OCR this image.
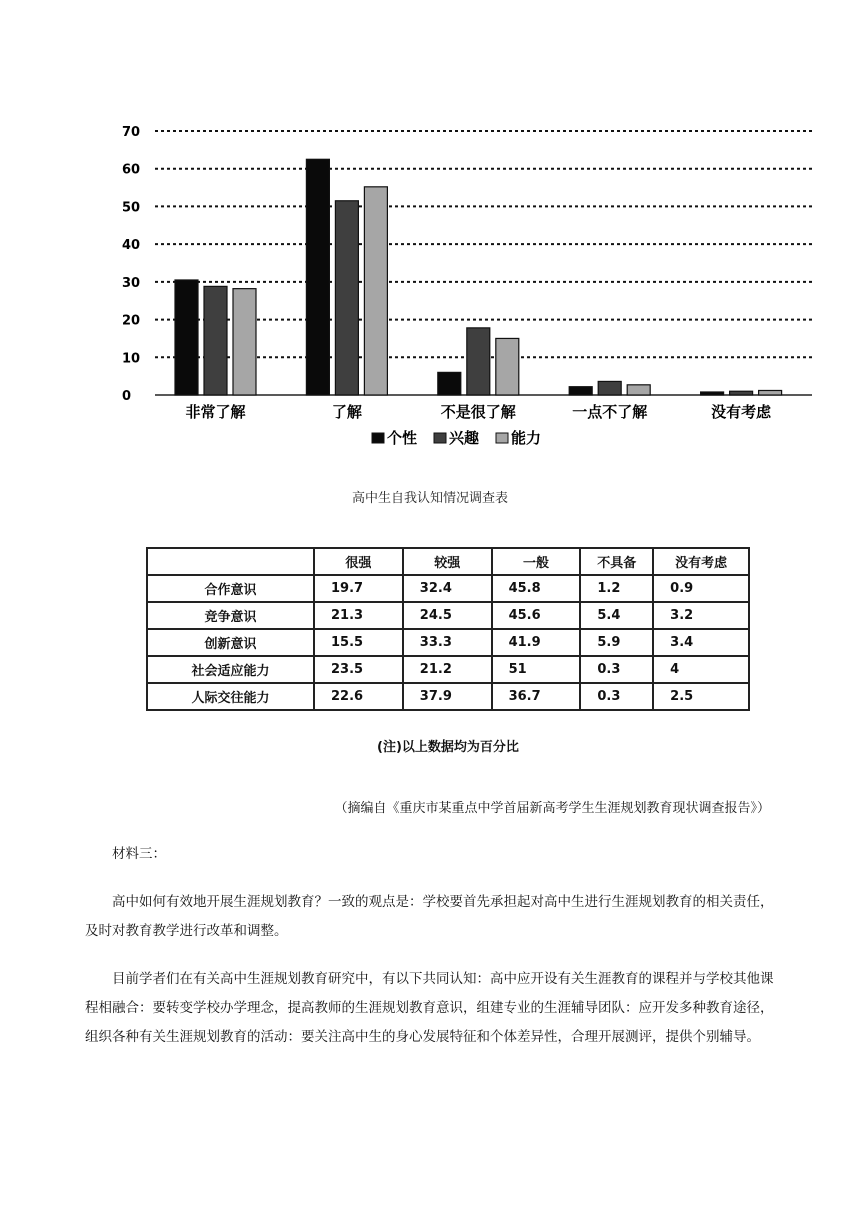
0
10
20
30
40
50
60
70
非常了解	了解	不是很了解	一点不了解	没有考虑
个性 兴趣 能力
高中生自我认知情况调查表
	很强	较强	一般	不具备	没有考虑
合作意识	19.7	32.4	45.8	1.2	0.9
竞争意识	21.3	24.5	45.6	5.4	3.2
创新意识	15.5	33.3	41.9	5.9	3.4
社会适应能力	23.5	21.2	51	0.3	4
人际交往能力	22.6	37.9	36.7	0.3	2.5
(注)以上数据均为百分比
（摘编自《重庆市某重点中学首届新高考学生生涯规划教育现状调查报告》）

材料三：

高中如何有效地开展生涯规划教育？一致的观点是：学校要首先承担起对高中生进行生涯规划教育的相关责任，及时对教育教学进行改革和调整。

目前学者们在有关高中生涯规划教育研究中，有以下共同认知：高中应开设有关生涯教育的课程并与学校其他课程相融合：要转变学校办学理念，提高教师的生涯规划教育意识，组建专业的生涯辅导团队：应开发多种教育途径，组织各种有关生涯规划教育的活动：要关注高中生的身心发展特征和个体差异性，合理开展测评，提供个别辅导。
